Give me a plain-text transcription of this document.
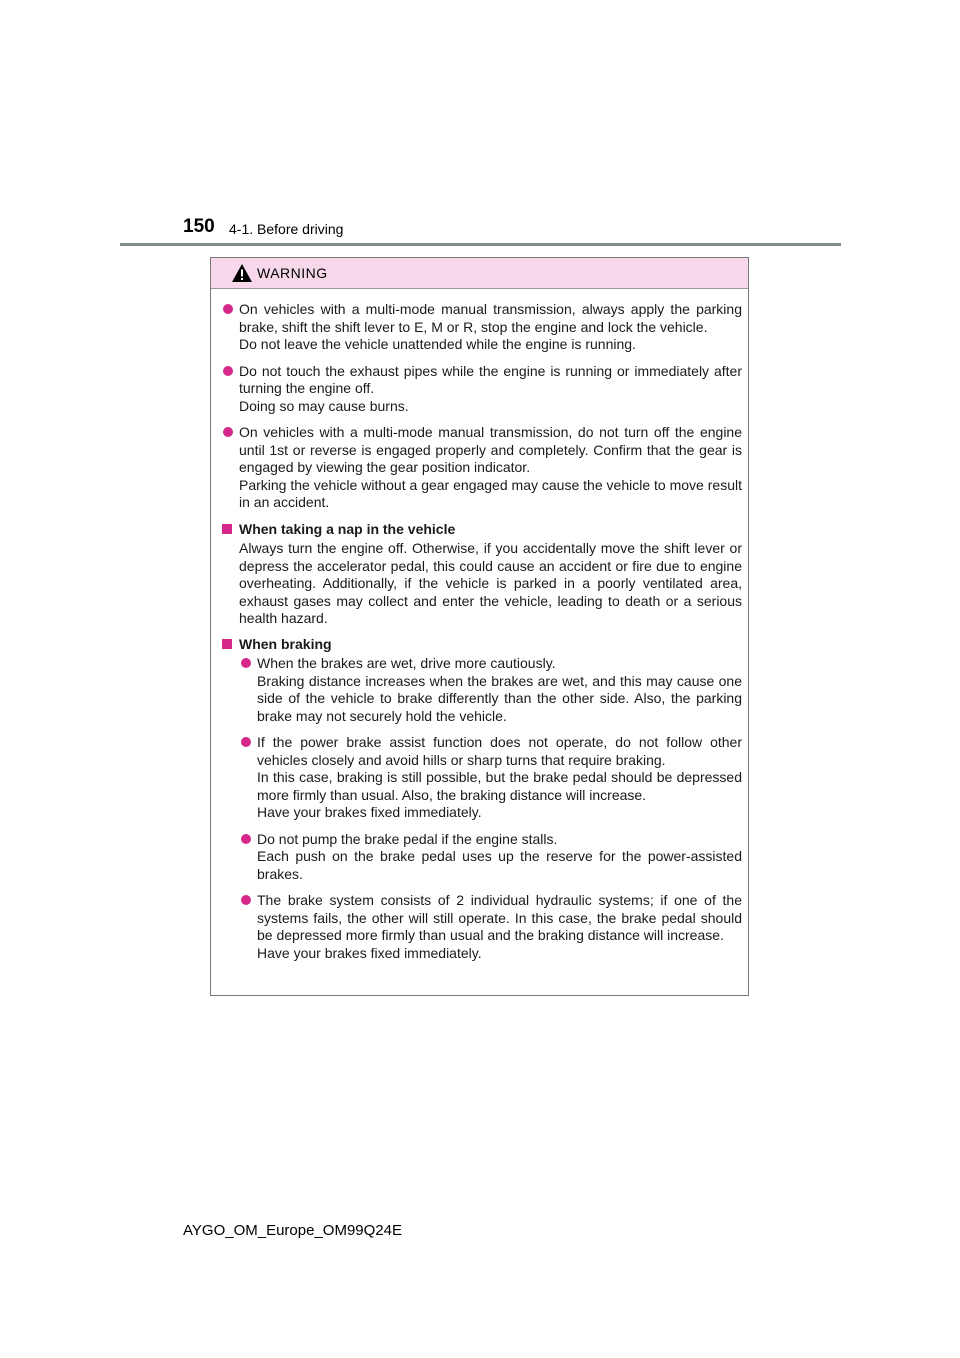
150 4-1. Before driving
WARNING

On vehicles with a multi-mode manual transmission, always apply the parking brake, shift the shift lever to E, M or R, stop the engine and lock the vehicle.

Do not leave the vehicle unattended while the engine is running.

Do not touch the exhaust pipes while the engine is running or immediately after turning the engine off.

Doing so may cause burns.

On vehicles with a multi-mode manual transmission, do not turn off the engine until 1st or reverse is engaged properly and completely. Confirm that the gear is engaged by viewing the gear position indicator.

Parking the vehicle without a gear engaged may cause the vehicle to move result in an accident.

When taking a nap in the vehicle
Always turn the engine off. Otherwise, if you accidentally move the shift lever or depress the accelerator pedal, this could cause an accident or fire due to engine overheating. Additionally, if the vehicle is parked in a poorly ventilated area, exhaust gases may collect and enter the vehicle, leading to death or a serious health hazard.
When braking

When the brakes are wet, drive more cautiously.

Braking distance increases when the brakes are wet, and this may cause one side of the vehicle to brake differently than the other side. Also, the parking brake may not securely hold the vehicle.

If the power brake assist function does not operate, do not follow other vehicles closely and avoid hills or sharp turns that require braking.

In this case, braking is still possible, but the brake pedal should be depressed more firmly than usual. Also, the braking distance will increase.

Have your brakes fixed immediately.

Do not pump the brake pedal if the engine stalls.

Each push on the brake pedal uses up the reserve for the power-assisted brakes.

The brake system consists of 2 individual hydraulic systems; if one of the systems fails, the other will still operate. In this case, the brake pedal should be depressed more firmly than usual and the braking distance will increase.

Have your brakes fixed immediately.

AYGO_OM_Europe_OM99Q24E
